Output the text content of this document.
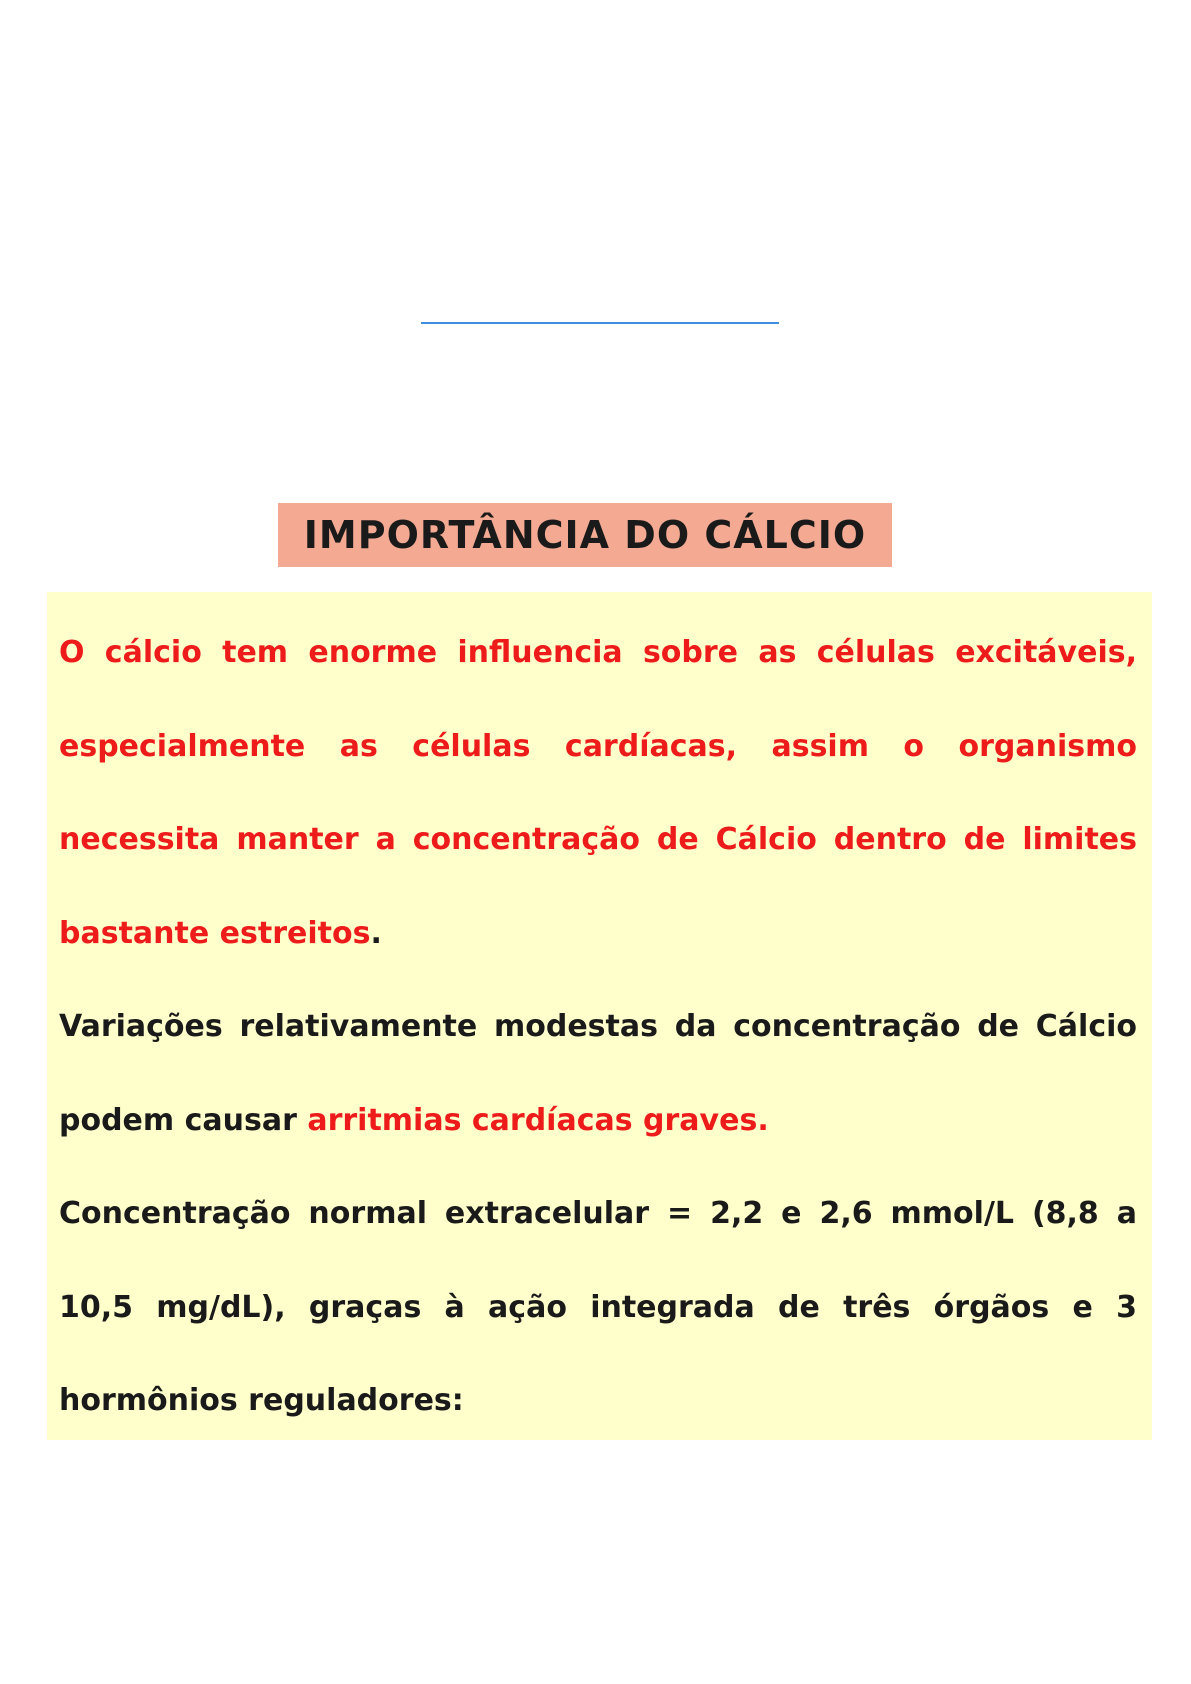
IMPORTÂNCIA DO CÁLCIO

O cálcio tem enorme influencia sobre as células excitáveis, especialmente as células cardíacas, assim o organismo necessita manter a concentração de Cálcio dentro de limites bastante estreitos.

Variações relativamente modestas da concentração de Cálcio podem causar arritmias cardíacas graves.

Concentração normal extracelular = 2,2 e 2,6 mmol/L (8,8 a 10,5 mg/dL), graças à ação integrada de três órgãos e 3 hormônios reguladores:
